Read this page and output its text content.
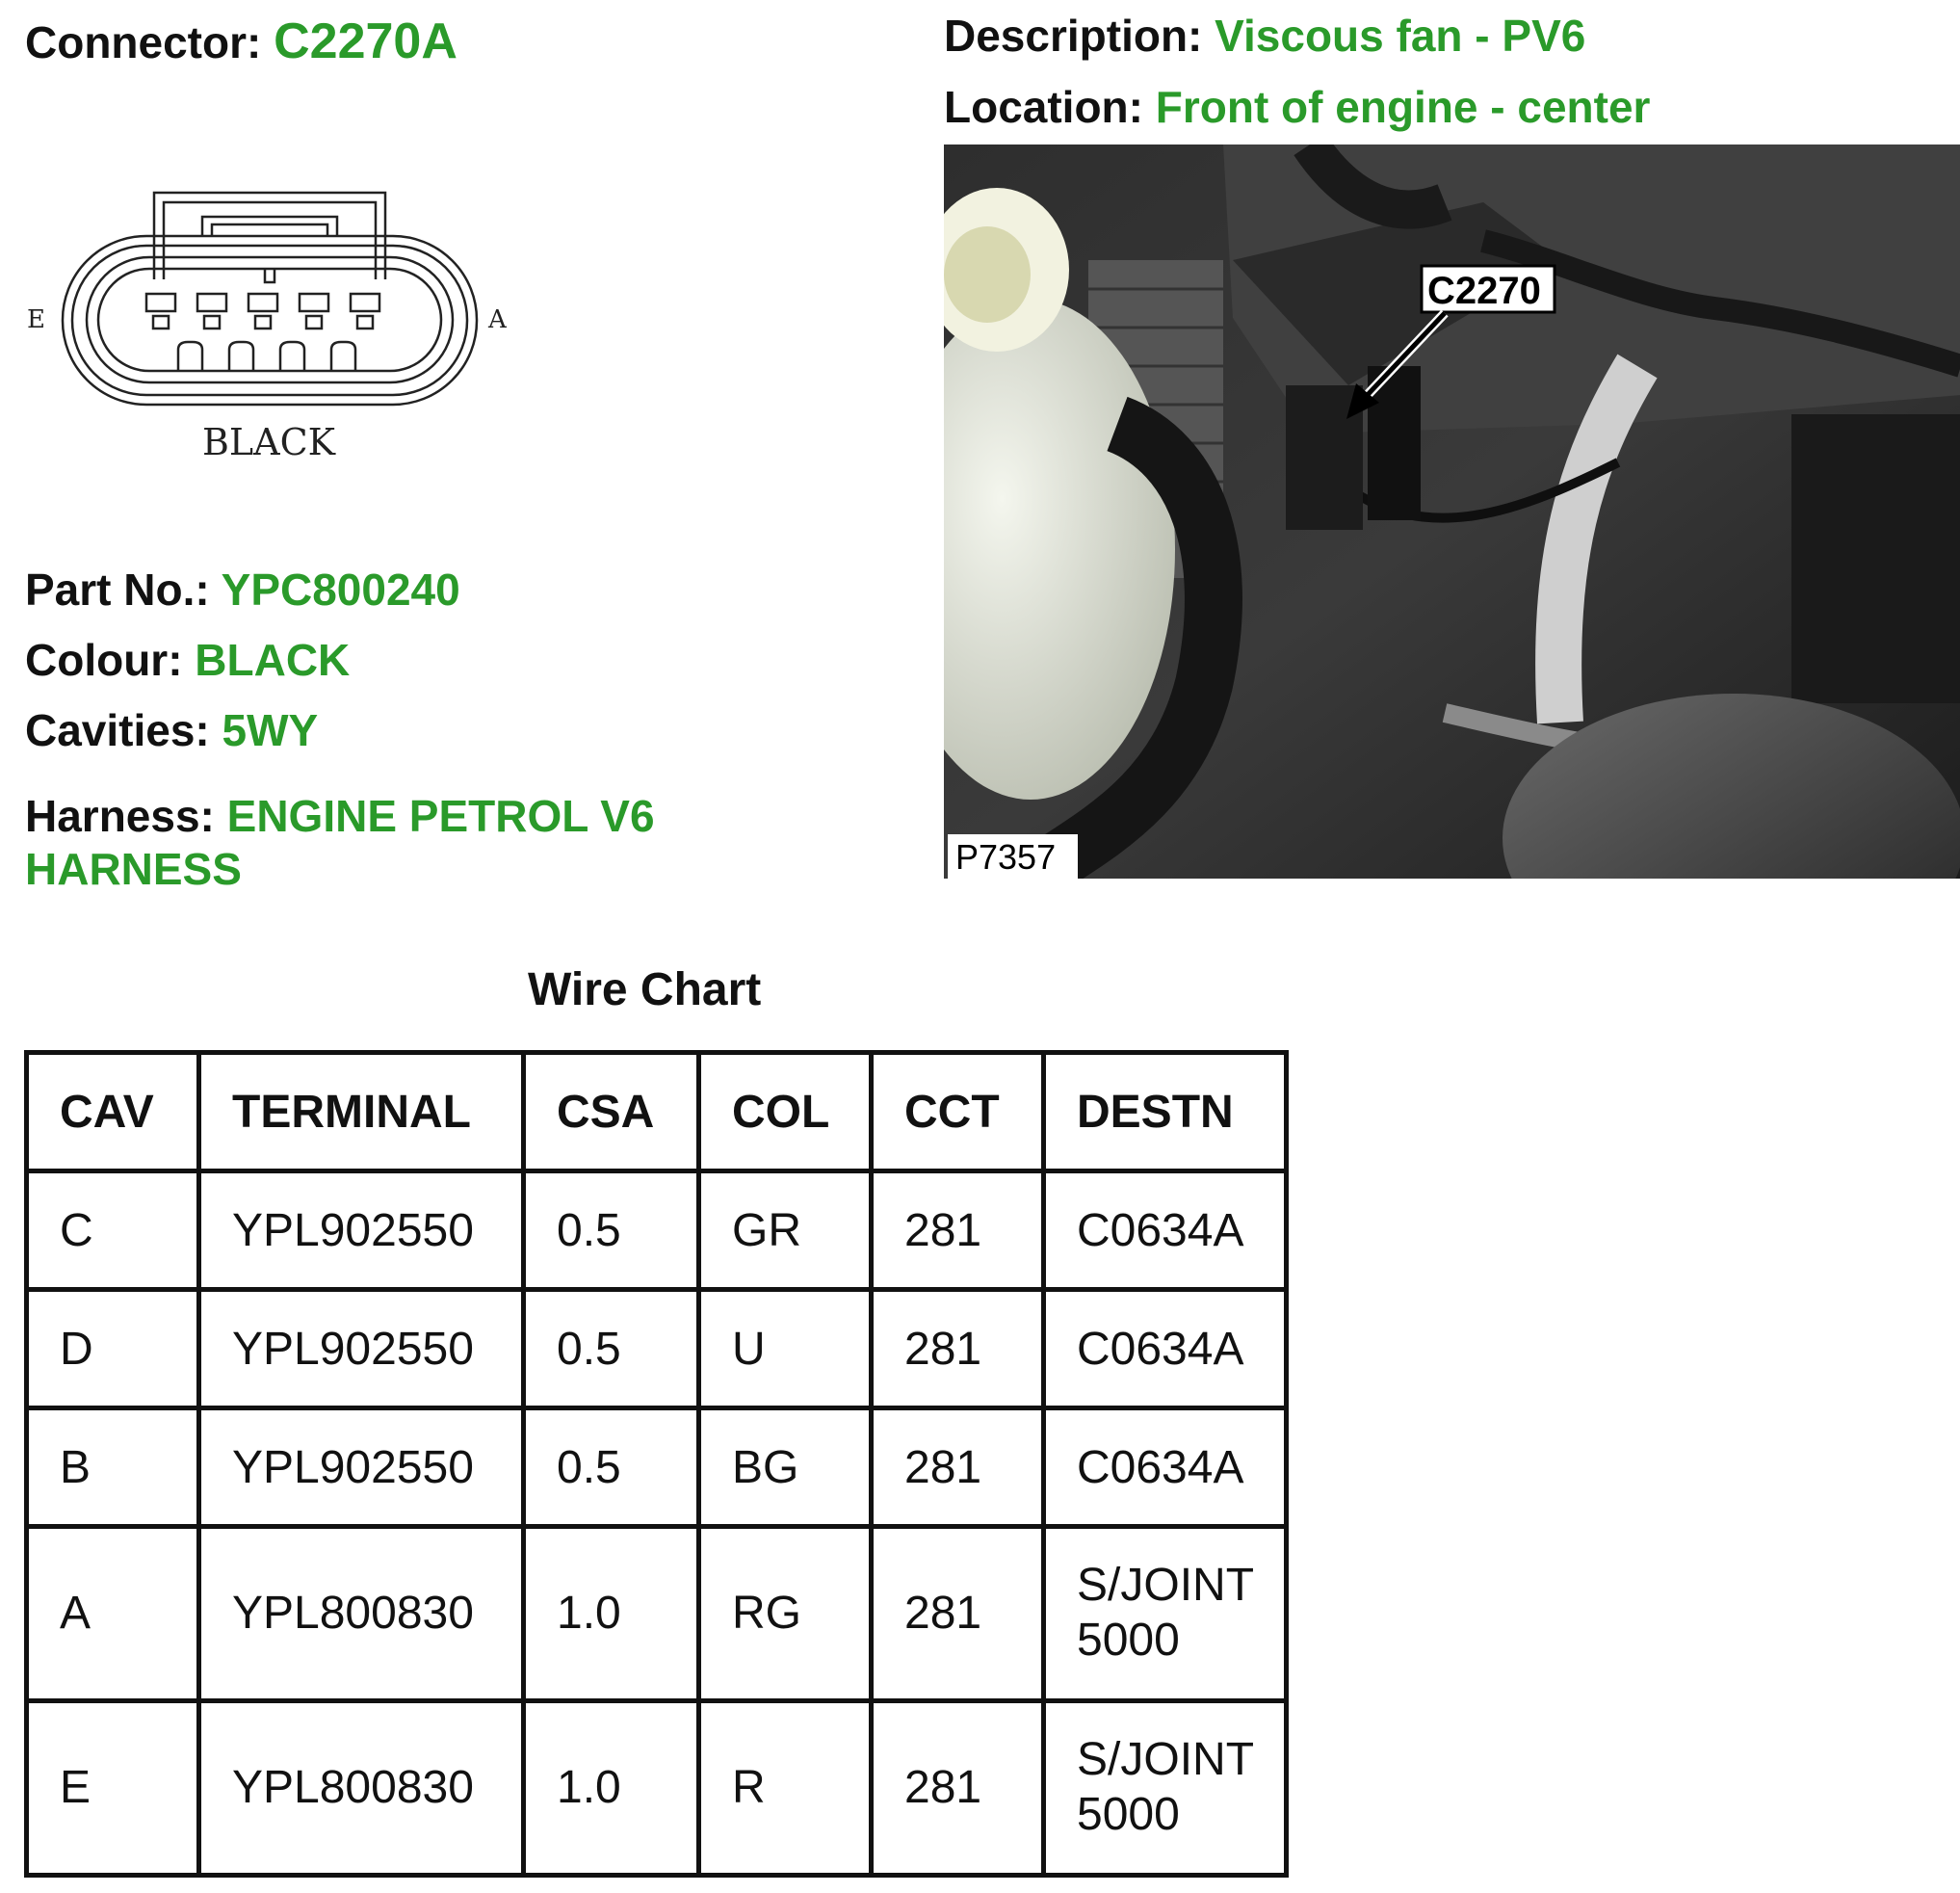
Connector: C2270A	Description: Viscous fan - PV6
Location: Front of engine - center
E	A
BLACK
Part No.: YPC800240
Colour: BLACK
Cavities: 5WY
Harness: ENGINE PETROL V6 HARNESS
C2270
P7357
Wire Chart
CAV	TERMINAL	CSA	COL	CCT	DESTN
C	YPL902550	0.5	GR	281	C0634A
D	YPL902550	0.5	U	281	C0634A
B	YPL902550	0.5	BG	281	C0634A
A	YPL800830	1.0	RG	281	S/JOINT 5000
E	YPL800830	1.0	R	281	S/JOINT 5000
